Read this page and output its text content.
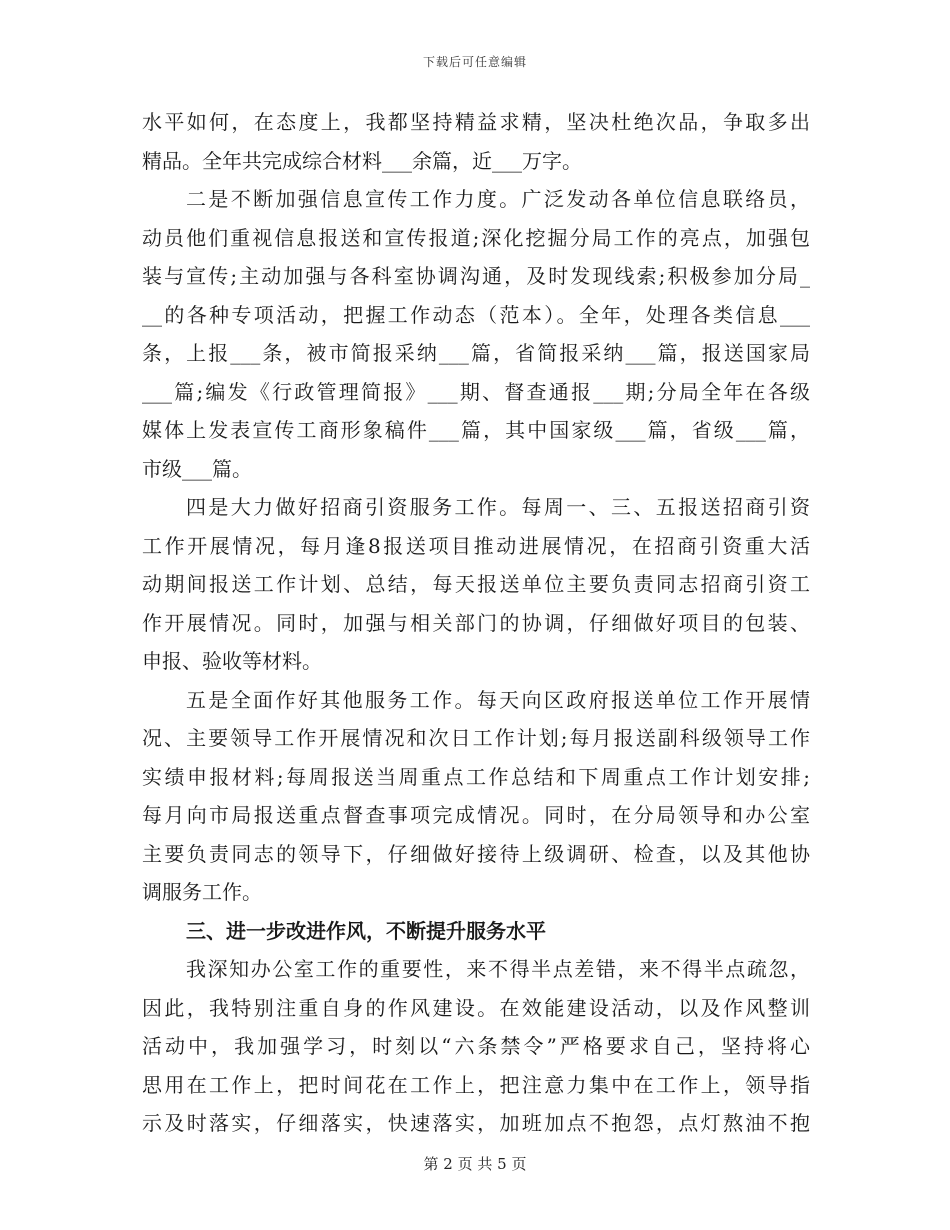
下载后可任意编辑
水平如何，在态度上，我都坚持精益求精，坚决杜绝次品，争取多出
精品。全年共完成综合材料___余篇，近___万字。
二是不断加强信息宣传工作力度。广泛发动各单位信息联络员，
动员他们重视信息报送和宣传报道;深化挖掘分局工作的亮点，加强包
装与宣传;主动加强与各科室协调沟通，及时发现线索;积极参加分局_
__的各种专项活动，把握工作动态（范本）。全年，处理各类信息___
条，上报___条，被市简报采纳___篇，省简报采纳___篇，报送国家局
___篇;编发《行政管理简报》___期、督查通报___期;分局全年在各级
媒体上发表宣传工商形象稿件___篇，其中国家级___篇，省级___篇，
市级___篇。
四是大力做好招商引资服务工作。每周一、三、五报送招商引资
工作开展情况，每月逢8报送项目推动进展情况，在招商引资重大活
动期间报送工作计划、总结，每天报送单位主要负责同志招商引资工
作开展情况。同时，加强与相关部门的协调，仔细做好项目的包装、
申报、验收等材料。
五是全面作好其他服务工作。每天向区政府报送单位工作开展情
况、主要领导工作开展情况和次日工作计划;每月报送副科级领导工作
实绩申报材料;每周报送当周重点工作总结和下周重点工作计划安排;
每月向市局报送重点督查事项完成情况。同时，在分局领导和办公室
主要负责同志的领导下，仔细做好接待上级调研、检查，以及其他协
调服务工作。
三、进一步改进作风，不断提升服务水平
我深知办公室工作的重要性，来不得半点差错，来不得半点疏忽，
因此，我特别注重自身的作风建设。在效能建设活动，以及作风整训
活动中，我加强学习，时刻以“六条禁令”严格要求自己，坚持将心
思用在工作上，把时间花在工作上，把注意力集中在工作上，领导指
示及时落实，仔细落实，快速落实，加班加点不抱怨，点灯熬油不抱
第 2 页 共 5 页
